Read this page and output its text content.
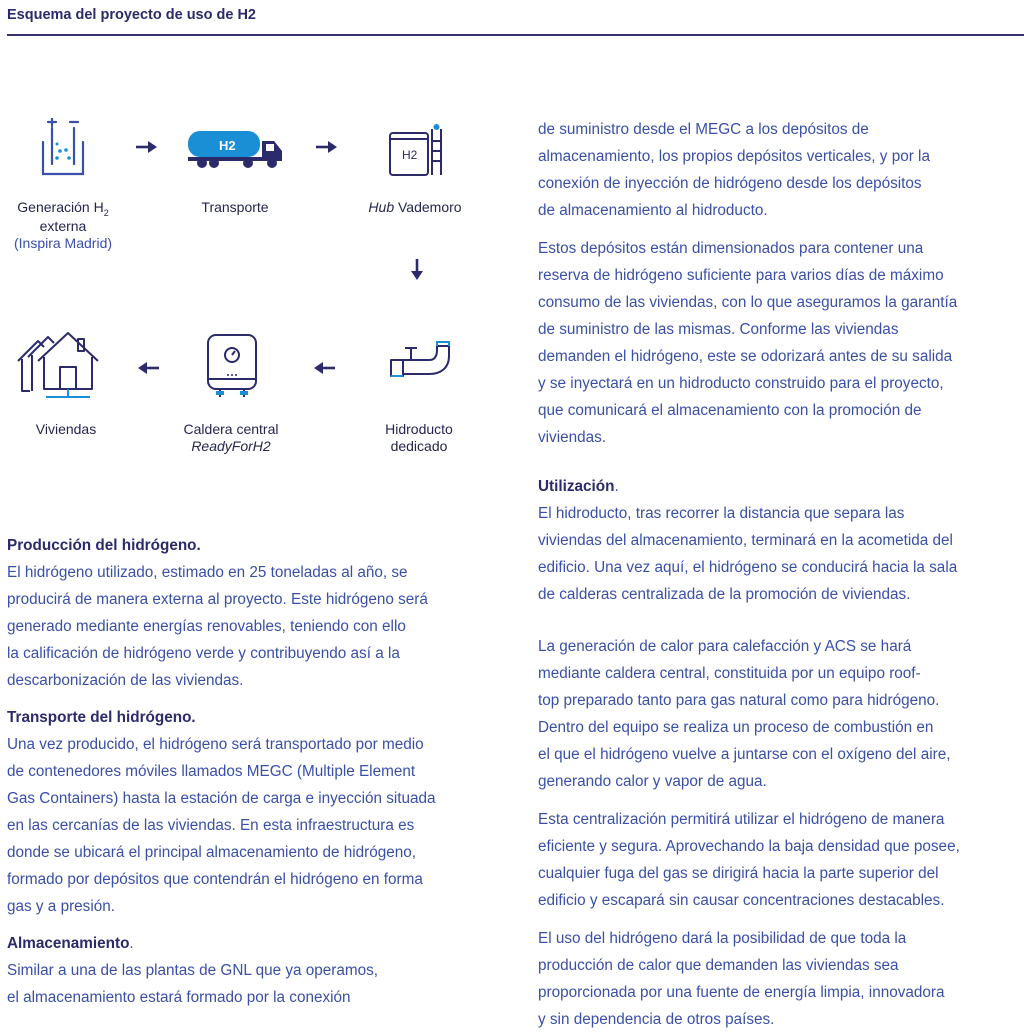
Esquema del proyecto de uso de H2
H2
H2
Generación $H_2$
externa
(Inspira Madrid)
Transporte	Hub Vademoro
Viviendas	Caldera central
ReadyForH2
Hidroducto
dedicado

Producción del hidrógeno.

El hidrógeno utilizado, estimado en 25 toneladas al año, se

producirá de manera externa al proyecto. Este hidrógeno será

generado mediante energías renovables, teniendo con ello

la calificación de hidrógeno verde y contribuyendo así a la

descarbonización de las viviendas.

Transporte del hidrógeno.

Una vez producido, el hidrógeno será transportado por medio

de contenedores móviles llamados MEGC (Multiple Element

Gas Containers) hasta la estación de carga e inyección situada

en las cercanías de las viviendas. En esta infraestructura es

donde se ubicará el principal almacenamiento de hidrógeno,

formado por depósitos que contendrán el hidrógeno en forma

gas y a presión.

Almacenamiento.

Similar a una de las plantas de GNL que ya operamos,

el almacenamiento estará formado por la conexión

de suministro desde el MEGC a los depósitos de

almacenamiento, los propios depósitos verticales, y por la

conexión de inyección de hidrógeno desde los depósitos

de almacenamiento al hidroducto.

Estos depósitos están dimensionados para contener una

reserva de hidrógeno suficiente para varios días de máximo

consumo de las viviendas, con lo que aseguramos la garantía

de suministro de las mismas. Conforme las viviendas

demanden el hidrógeno, este se odorizará antes de su salida

y se inyectará en un hidroducto construido para el proyecto,

que comunicará el almacenamiento con la promoción de

viviendas.

Utilización.

El hidroducto, tras recorrer la distancia que separa las

viviendas del almacenamiento, terminará en la acometida del

edificio. Una vez aquí, el hidrógeno se conducirá hacia la sala

de calderas centralizada de la promoción de viviendas.

La generación de calor para calefacción y ACS se hará

mediante caldera central, constituida por un equipo roof-

top preparado tanto para gas natural como para hidrógeno.

Dentro del equipo se realiza un proceso de combustión en

el que el hidrógeno vuelve a juntarse con el oxígeno del aire,

generando calor y vapor de agua.

Esta centralización permitirá utilizar el hidrógeno de manera

eficiente y segura. Aprovechando la baja densidad que posee,

cualquier fuga del gas se dirigirá hacia la parte superior del

edificio y escapará sin causar concentraciones destacables.

El uso del hidrógeno dará la posibilidad de que toda la

producción de calor que demanden las viviendas sea

proporcionada por una fuente de energía limpia, innovadora

y sin dependencia de otros países.
